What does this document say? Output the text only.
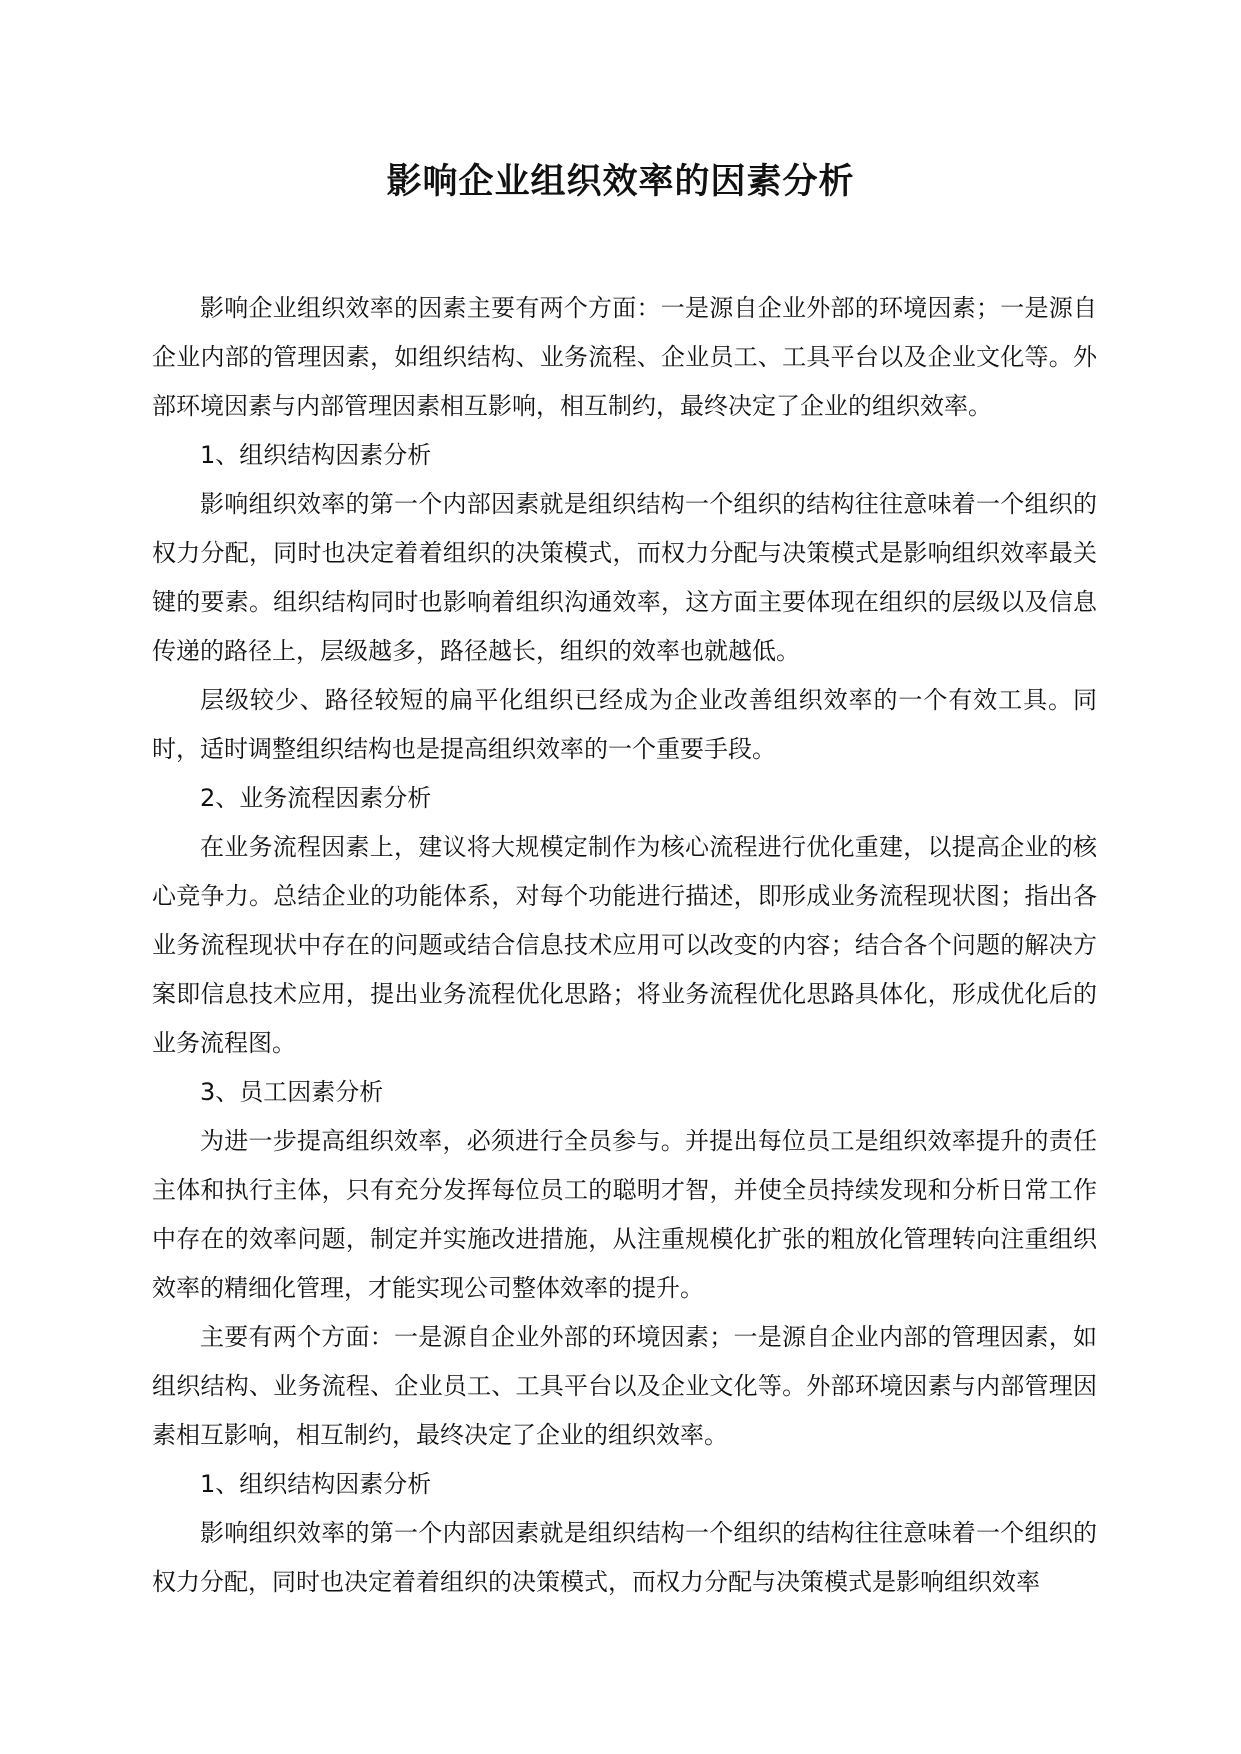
影响企业组织效率的因素分析

影响企业组织效率的因素主要有两个方面：一是源自企业外部的环境因素；一是源自企业内部的管理因素，如组织结构、业务流程、企业员工、工具平台以及企业文化等。外部环境因素与内部管理因素相互影响，相互制约，最终决定了企业的组织效率。

1、组织结构因素分析

影响组织效率的第一个内部因素就是组织结构一个组织的结构往往意味着一个组织的权力分配，同时也决定着着组织的决策模式，而权力分配与决策模式是影响组织效率最关键的要素。组织结构同时也影响着组织沟通效率，这方面主要体现在组织的层级以及信息传递的路径上，层级越多，路径越长，组织的效率也就越低。

层级较少、路径较短的扁平化组织已经成为企业改善组织效率的一个有效工具。同时，适时调整组织结构也是提高组织效率的一个重要手段。

2、业务流程因素分析

在业务流程因素上，建议将大规模定制作为核心流程进行优化重建，以提高企业的核心竞争力。总结企业的功能体系，对每个功能进行描述，即形成业务流程现状图；指出各业务流程现状中存在的问题或结合信息技术应用可以改变的内容；结合各个问题的解决方案即信息技术应用，提出业务流程优化思路；将业务流程优化思路具体化，形成优化后的业务流程图。

3、员工因素分析

为进一步提高组织效率，必须进行全员参与。并提出每位员工是组织效率提升的责任主体和执行主体，只有充分发挥每位员工的聪明才智，并使全员持续发现和分析日常工作中存在的效率问题，制定并实施改进措施，从注重规模化扩张的粗放化管理转向注重组织效率的精细化管理，才能实现公司整体效率的提升。

主要有两个方面：一是源自企业外部的环境因素；一是源自企业内部的管理因素，如组织结构、业务流程、企业员工、工具平台以及企业文化等。外部环境因素与内部管理因素相互影响，相互制约，最终决定了企业的组织效率。

1、组织结构因素分析

影响组织效率的第一个内部因素就是组织结构一个组织的结构往往意味着一个组织的权力分配，同时也决定着着组织的决策模式，而权力分配与决策模式是影响组织效率
